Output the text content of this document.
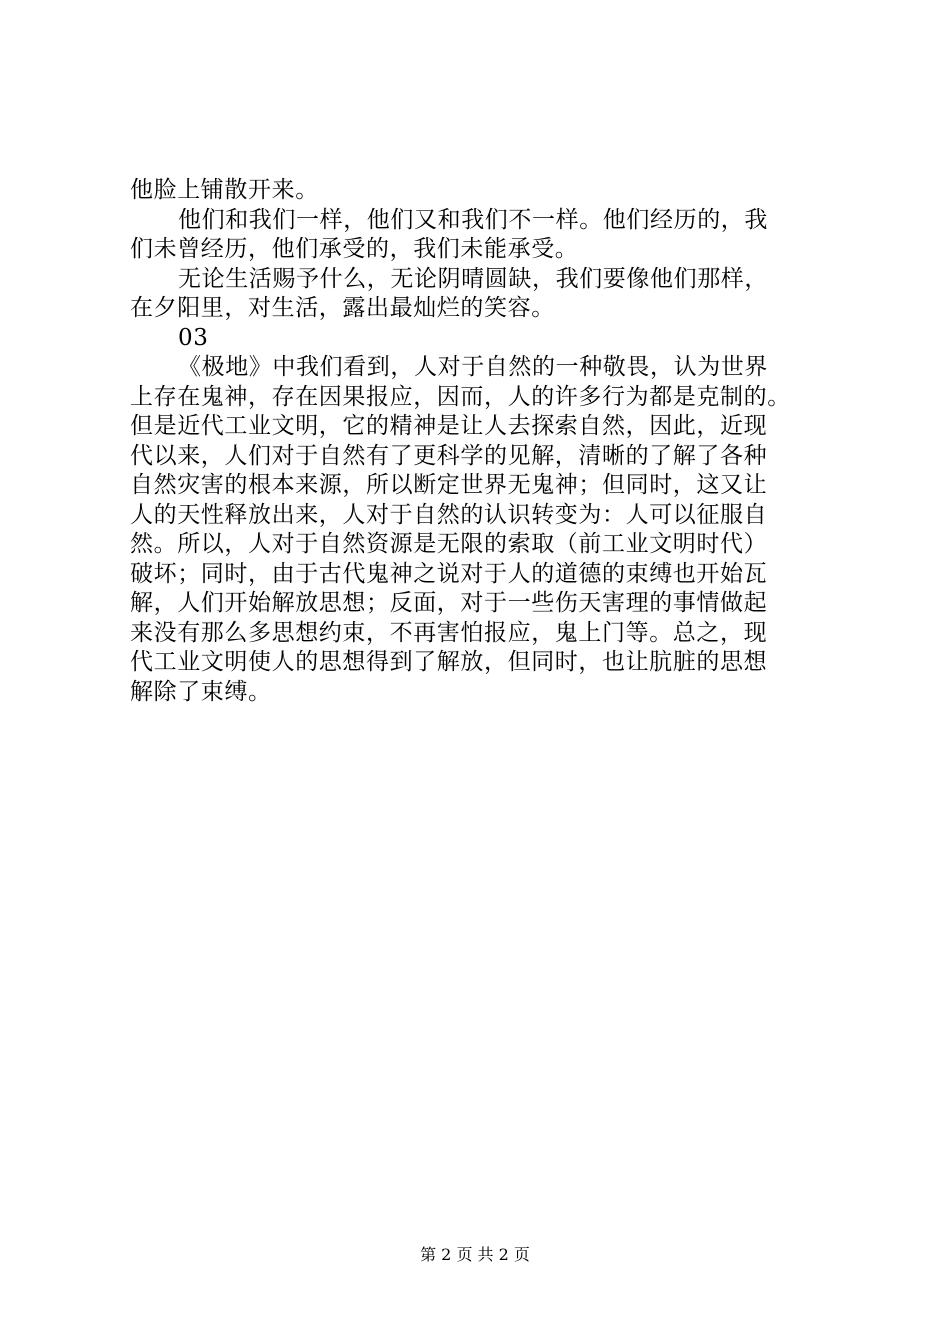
他脸上铺散开来。
他们和我们一样，他们又和我们不一样。他们经历的，我
们未曾经历，他们承受的，我们未能承受。
无论生活赐予什么，无论阴晴圆缺，我们要像他们那样，
在夕阳里，对生活，露出最灿烂的笑容。
03
《极地》中我们看到，人对于自然的一种敬畏，认为世界
上存在鬼神，存在因果报应，因而，人的许多行为都是克制的。
但是近代工业文明，它的精神是让人去探索自然，因此，近现
代以来，人们对于自然有了更科学的见解，清晰的了解了各种
自然灾害的根本来源，所以断定世界无鬼神；但同时，这又让
人的天性释放出来，人对于自然的认识转变为：人可以征服自
然。所以，人对于自然资源是无限的索取（前工业文明时代）
破坏；同时，由于古代鬼神之说对于人的道德的束缚也开始瓦
解，人们开始解放思想；反面，对于一些伤天害理的事情做起
来没有那么多思想约束，不再害怕报应，鬼上门等。总之，现
代工业文明使人的思想得到了解放，但同时，也让肮脏的思想
解除了束缚。
第 2 页 共 2 页
